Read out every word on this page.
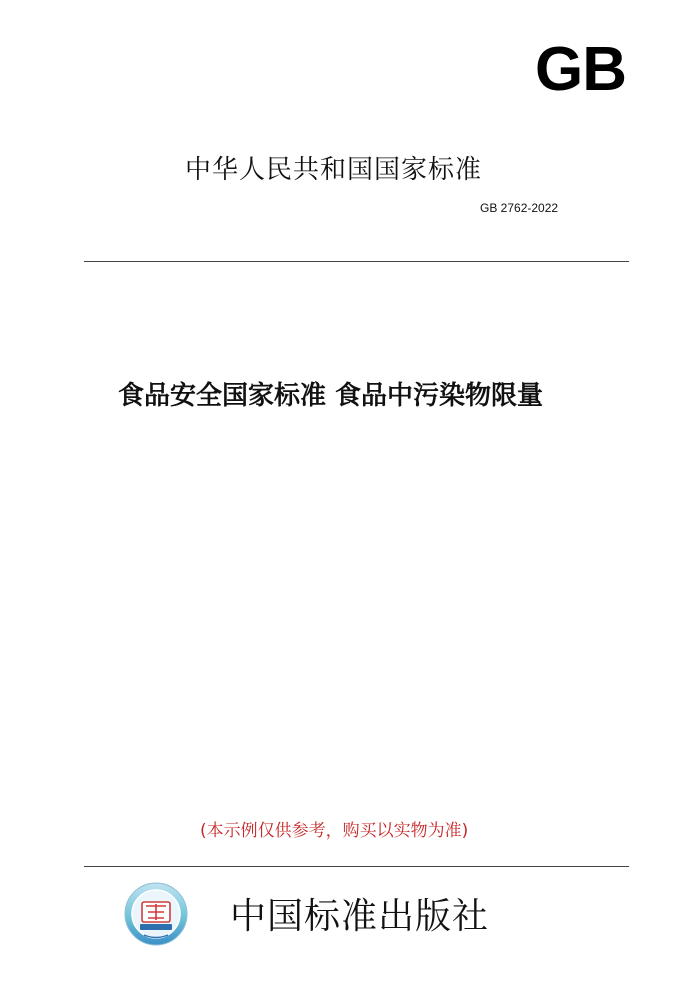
GB
中华人民共和国国家标准
GB 2762-2022
食品安全国家标准 食品中污染物限量
(本示例仅供参考，购买以实物为准)
中国标准出版社
